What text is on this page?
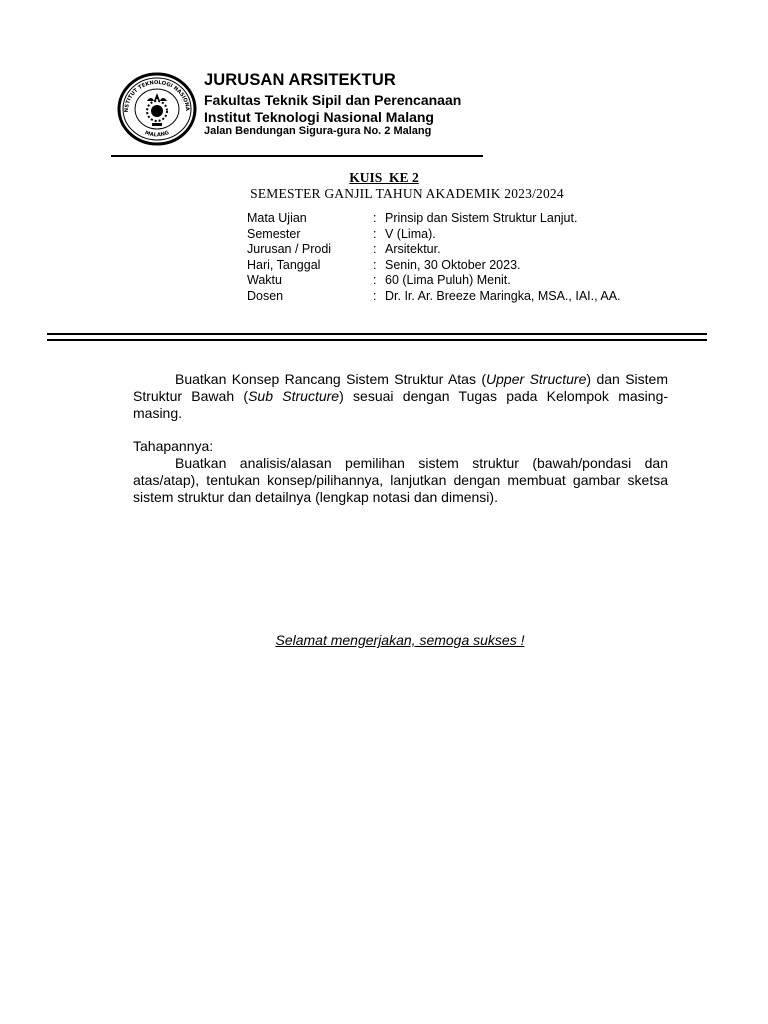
NSTITUT TEKNOLOGI NASIONA
MALANG
JURUSAN ARSITEKTUR
Fakultas Teknik Sipil dan Perencanaan
Institut Teknologi Nasional Malang
Jalan Bendungan Sigura-gura No. 2 Malang
KUIS  KE 2
SEMESTER GANJIL TAHUN AKADEMIK 2023/2024
Mata Ujian	: Prinsip dan Sistem Struktur Lanjut.
Semester	: V (Lima).
Jurusan / Prodi	: Arsitektur.
Hari, Tanggal	: Senin, 30 Oktober 2023.
Waktu	: 60 (Lima Puluh) Menit.
Dosen	: Dr. Ir. Ar. Breeze Maringka, MSA., IAI., AA.
Buatkan Konsep Rancang Sistem Struktur Atas (Upper Structure) dan Sistem Struktur Bawah (Sub Structure) sesuai dengan Tugas pada Kelompok masing-masing.
Tahapannya:
Buatkan analisis/alasan pemilihan sistem struktur (bawah/pondasi dan atas/atap), tentukan konsep/pilihannya, lanjutkan dengan membuat gambar sketsa sistem struktur dan detailnya (lengkap notasi dan dimensi).
Selamat mengerjakan, semoga sukses !
